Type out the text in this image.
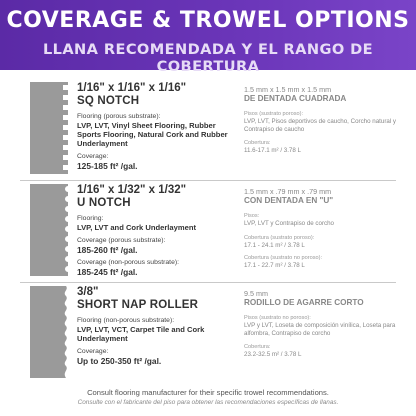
COVERAGE & TROWEL OPTIONS
LLANA RECOMENDADA Y EL RANGO DE COBERTURA
1/16" x 1/16" x 1/16"
SQ NOTCH
Flooring (porous substrate):
LVP, LVT, Vinyl Sheet Flooring, Rubber Sports Flooring, Natural Cork and Rubber Underlayment
Coverage:
125-185 ft² /gal.
1.5 mm x 1.5 mm x 1.5 mm
DE DENTADA CUADRADA
Pisos (sustrato poroso):
LVP, LVT, Pisos deportivos de caucho, Corcho natural y Contrapiso de caucho
Cobertura:
11.6-17.1 m² / 3.78 L
1/16" x 1/32" x 1/32"
U NOTCH
Flooring:
LVP, LVT and Cork Underlayment
Coverage (porous substrate):
185-260 ft² /gal.
Coverage (non-porous substrate):
185-245 ft² /gal.
1.5 mm x .79 mm x .79 mm
CON DENTADA EN "U"
Pisos:
LVP, LVT y Contrapiso de corcho
Cobertura (sustrato poroso):
17.1 - 24.1 m² / 3.78 L
Cobertura (sustrato no poroso):
17.1 - 22.7 m² / 3.78 L
3/8"
SHORT NAP ROLLER
Flooring (non-porous substrate):
LVP, LVT, VCT, Carpet Tile and Cork Underlayment
Coverage:
Up to 250-350 ft² /gal.
9.5 mm
RODILLO DE AGARRE CORTO
Pisos (sustrato no poroso):
LVP y LVT, Loseta de composición vinílica, Loseta para alfombra, Contrapiso de corcho
Cobertura:
23.2-32.5 m² / 3.78 L
Consult flooring manufacturer for their specific trowel recommendations.
Consulte con el fabricante del piso para obtener las recomendaciones específicas de llanas.
